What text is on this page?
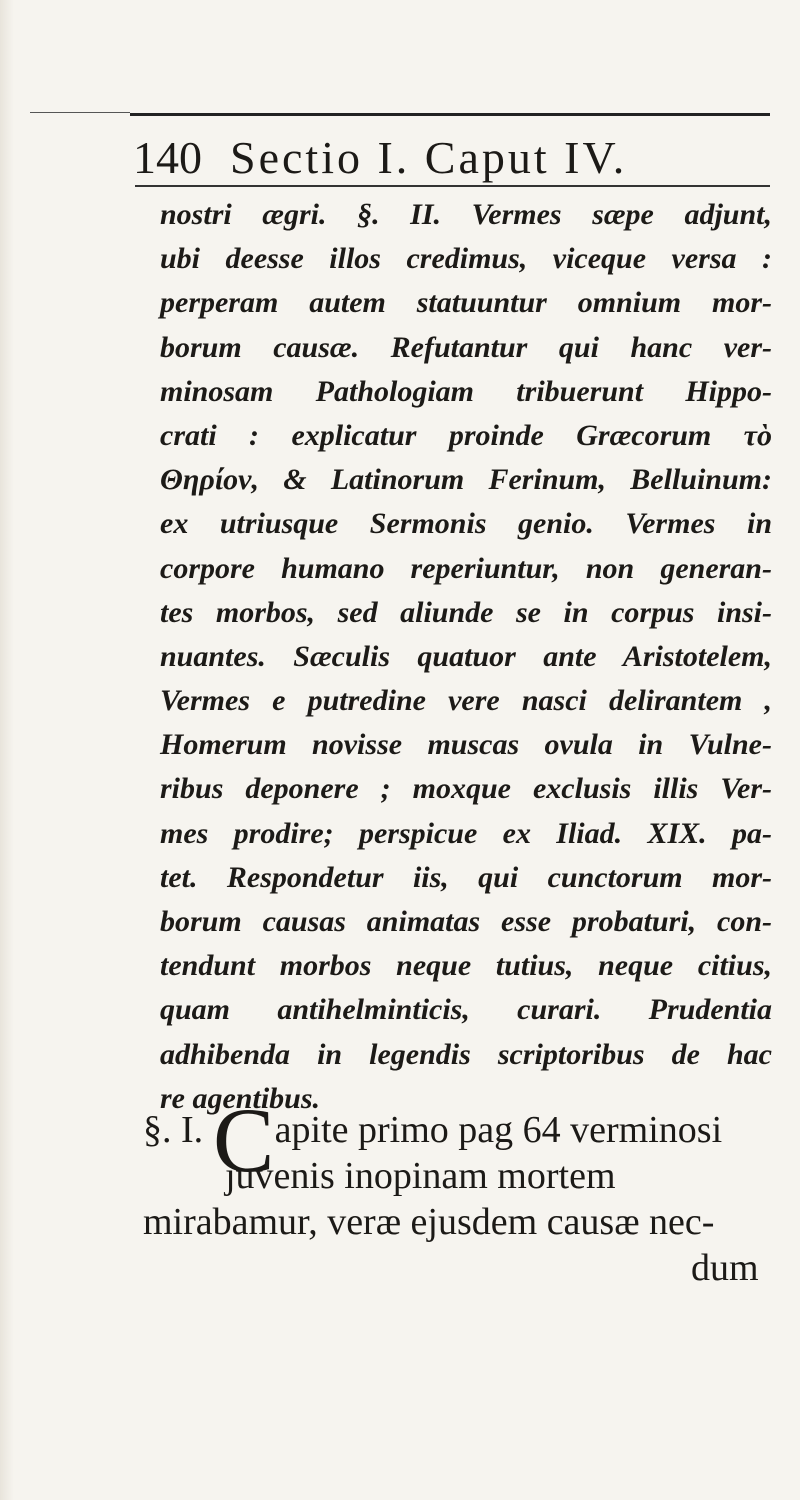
140 Sectio I. Caput IV.
nostri ægri. §. II. Vermes sæpe adjunt,
ubi deesse illos credimus, viceque versa :
perperam autem statuuntur omnium mor-
borum causæ. Refutantur qui hanc ver-
minosam Pathologiam tribuerunt Hippo-
crati : explicatur proinde Græcorum τὸ
Θηρίον, & Latinorum Ferinum, Belluinum:
ex utriusque Sermonis genio. Vermes in
corpore humano reperiuntur, non generan-
tes morbos, sed aliunde se in corpus insi-
nuantes. Sæculis quatuor ante Aristotelem,
Vermes e putredine vere nasci delirantem ,
Homerum novisse muscas ovula in Vulne-
ribus deponere ; moxque exclusis illis Ver-
mes prodire; perspicue ex Iliad. XIX. pa-
tet. Respondetur iis, qui cunctorum mor-
borum causas animatas esse probaturi, con-
tendunt morbos neque tutius, neque citius,
quam antihelminticis, curari. Prudentia
adhibenda in legendis scriptoribus de hac
re agentibus.
§. I. Capite primo pag 64 verminosi
juvenis inopinam mortem
mirabamur, veræ ejusdem causæ nec-
dum
